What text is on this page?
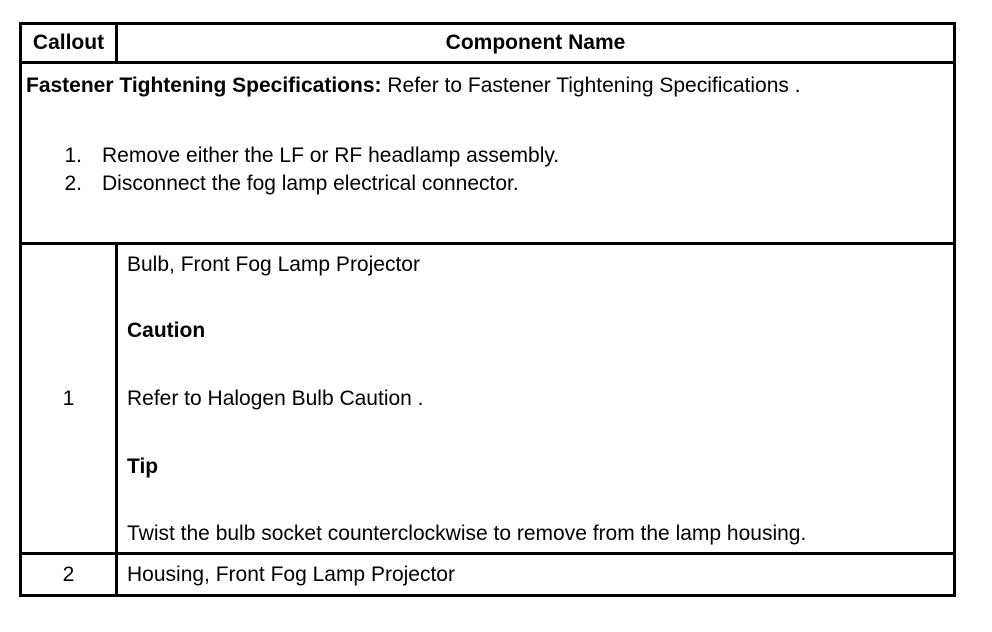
Callout	Component Name
Fastener Tightening Specifications: Refer to Fastener Tightening Specifications .
1. Remove either the LF or RF headlamp assembly.
2. Disconnect the fog lamp electrical connector.
1
Bulb, Front Fog Lamp Projector
Caution
Refer to Halogen Bulb Caution .
Tip
Twist the bulb socket counterclockwise to remove from the lamp housing.
2	Housing, Front Fog Lamp Projector
